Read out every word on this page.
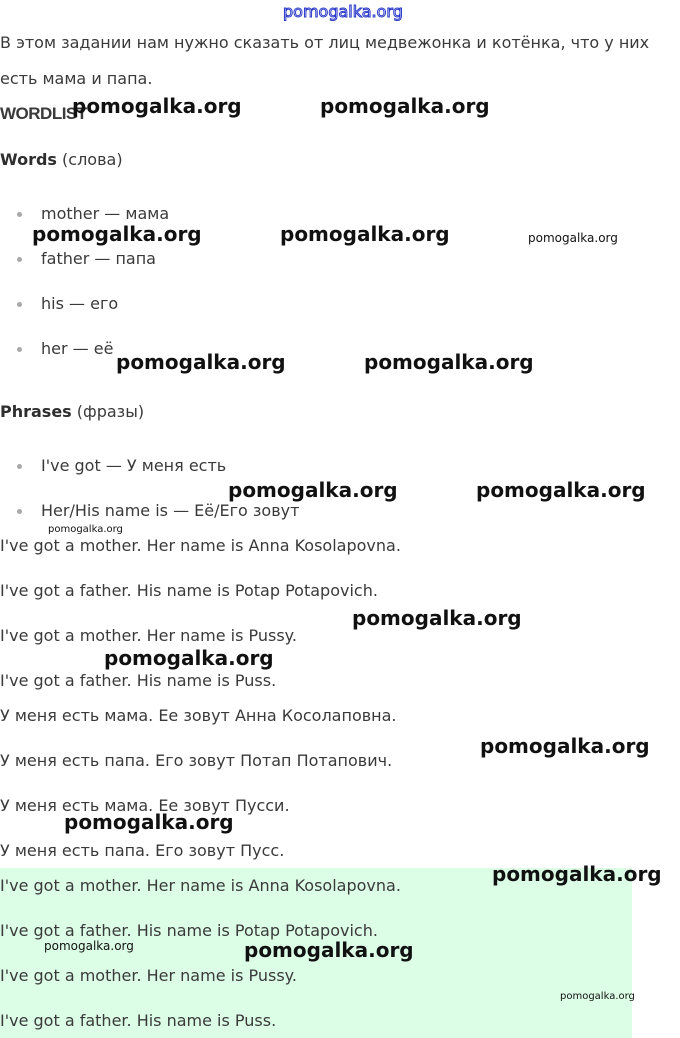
pomogalka.org
В этом задании нам нужно сказать от лиц медвежонка и котёнка, что у них
есть мама и папа.
WORDLIST
Words (слова)
mother — мама
father — папа
his — его
her — её
Phrases (фразы)
I've got — У меня есть
Her/His name is — Её/Его зовут
I've got a mother. Her name is Anna Kosolapovna.
I've got a father. His name is Potap Potapovich.
I've got a mother. Her name is Pussy.
I've got a father. His name is Puss.
У меня есть мама. Ее зовут Анна Косолаповна.
У меня есть папа. Его зовут Потап Потапович.
У меня есть мама. Ее зовут Пусси.
У меня есть папа. Его зовут Пусс.
I've got a mother. Her name is Anna Kosolapovna.
I've got a father. His name is Potap Potapovich.
I've got a mother. Her name is Pussy.
I've got a father. His name is Puss.
pomogalka.org	pomogalka.org
pomogalka.org	pomogalka.org	pomogalka.org
pomogalka.org	pomogalka.org
pomogalka.org	pomogalka.org
pomogalka.org
pomogalka.org
pomogalka.org
pomogalka.org
pomogalka.org
pomogalka.org
pomogalka.org	pomogalka.org
pomogalka.org
